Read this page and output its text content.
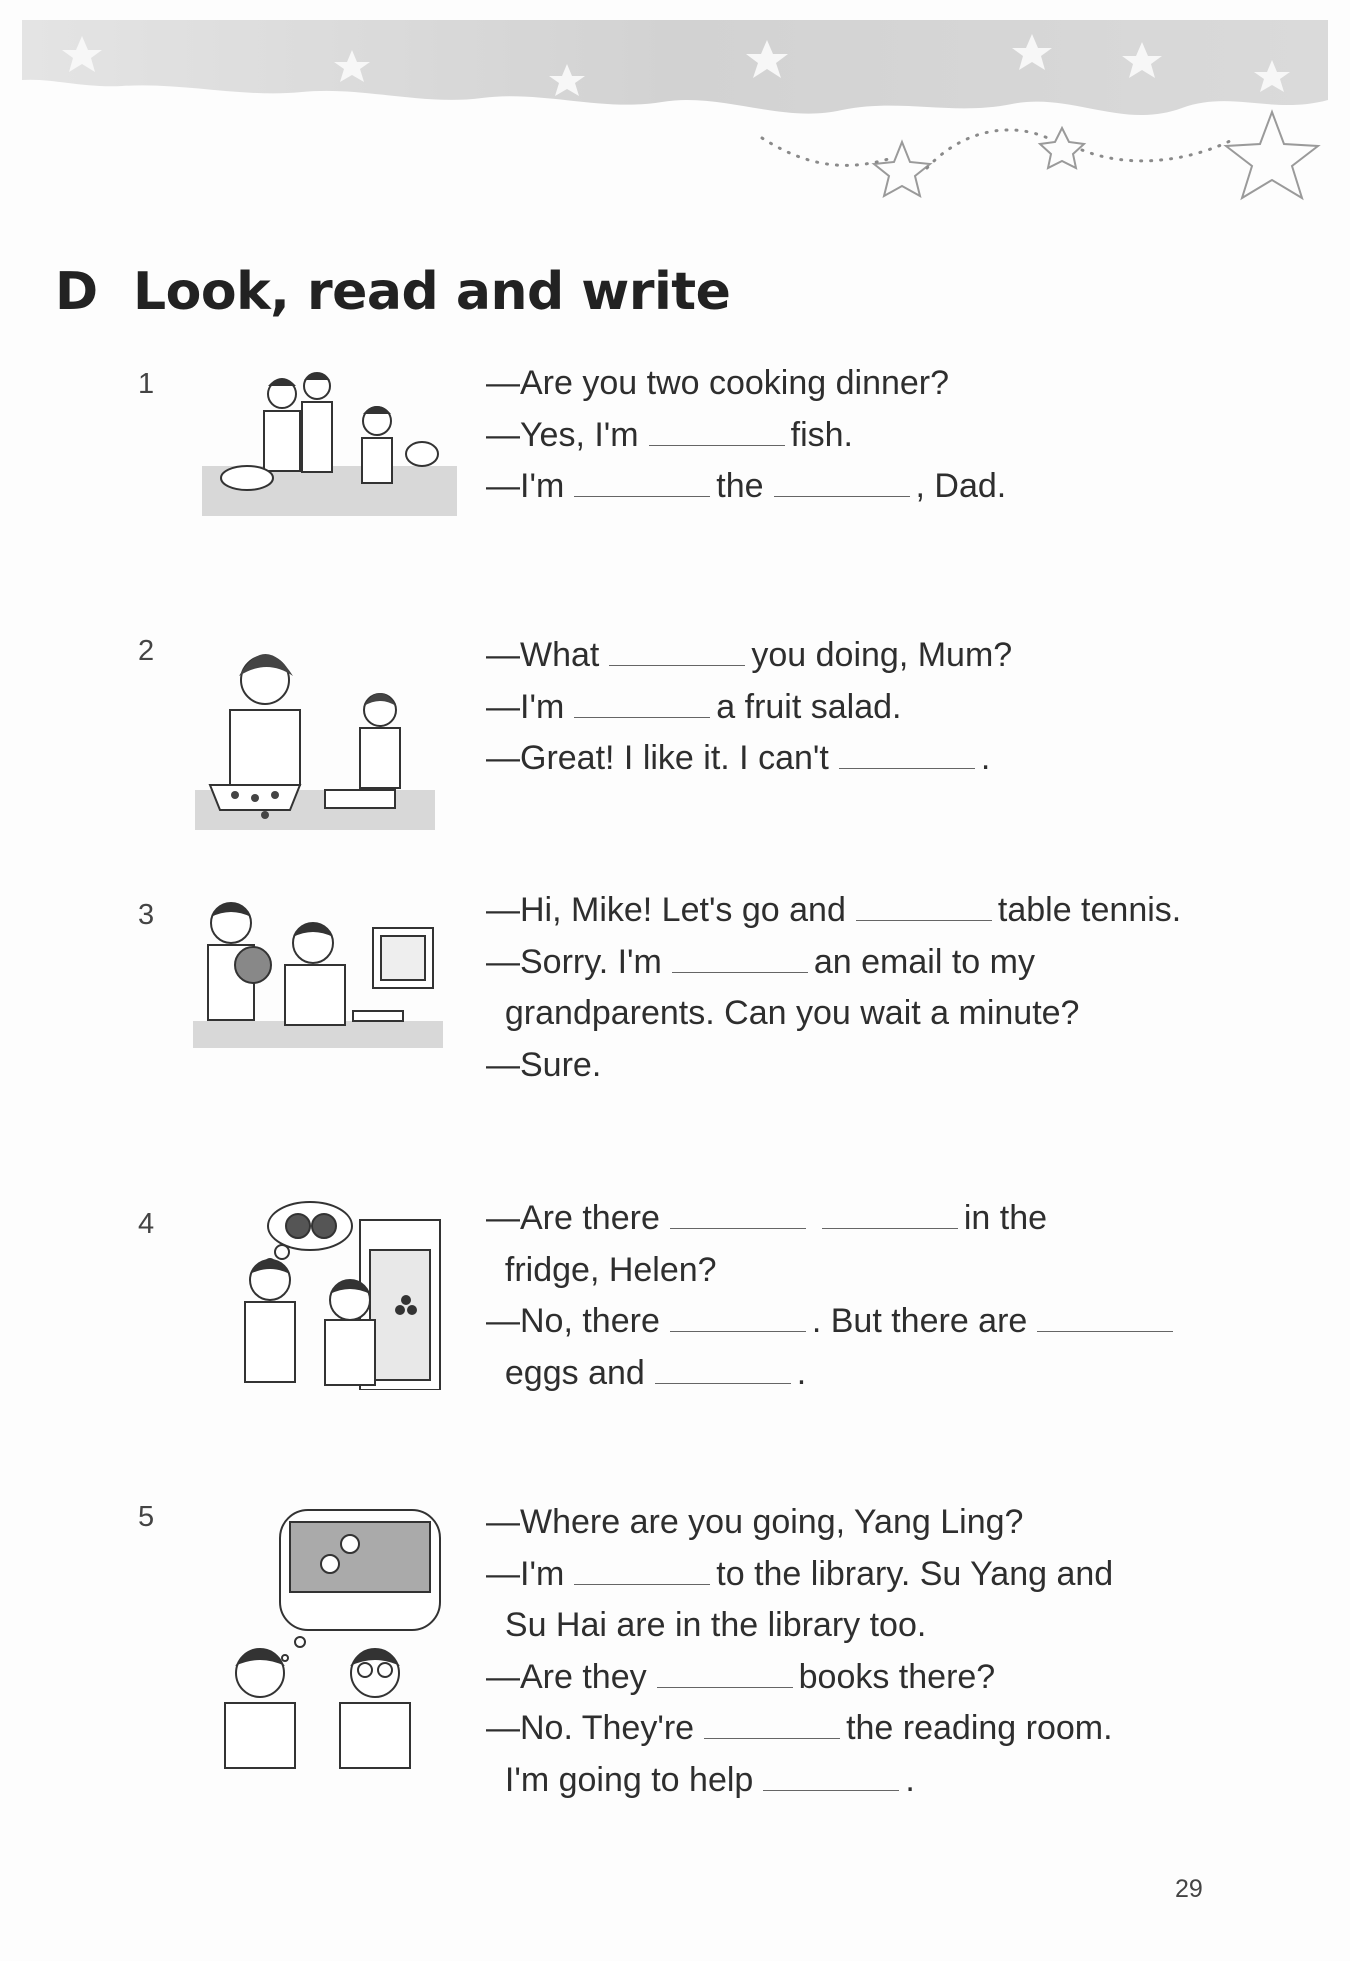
D Look, read and write
1
2
3
4
5
—Are you two cooking dinner?
—Yes, I'm	fish.
—I'm	the	, Dad.
—What	you doing, Mum?
—I'm	a fruit salad.
—Great! I like it. I can't	.
—Hi, Mike! Let's go and	table tennis.
—Sorry. I'm	an email to my
grandparents. Can you wait a minute?
—Sure.
—Are there	in the
fridge, Helen?
—No, there	. But there are
eggs and	.
—Where are you going, Yang Ling?
—I'm	to the library. Su Yang and
Su Hai are in the library too.
—Are they	books there?
—No. They're	the reading room.
I'm going to help	.
29
